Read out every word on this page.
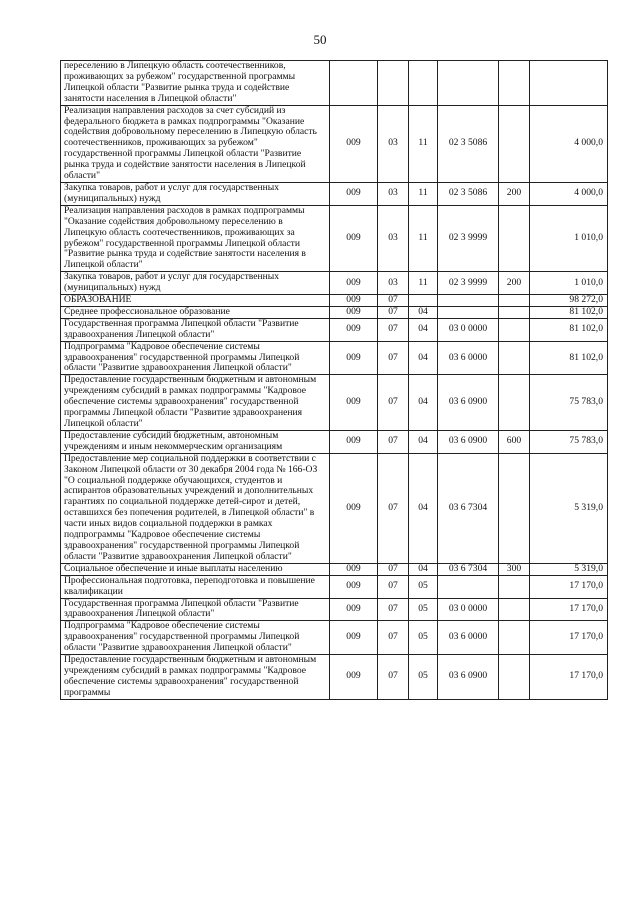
50
переселению в Липецкую область соотечественников, проживающих за рубежом" государственной программы Липецкой области "Развитие рынка труда и содействие занятости населения в Липецкой области"						
Реализация направления расходов за счет субсидий из федерального бюджета в рамках подпрограммы "Оказание содействия добровольному переселению в Липецкую область соотечественников, проживающих за рубежом" государственной программы Липецкой области "Развитие рынка труда и содействие занятости населения в Липецкой области"	009	03	11	02 3 5086		4 000,0
Закупка товаров, работ и услуг для государственных (муниципальных) нужд	009	03	11	02 3 5086	200	4 000,0
Реализация направления расходов в рамках подпрограммы "Оказание содействия добровольному переселению в Липецкую область соотечественников, проживающих за рубежом" государственной программы Липецкой области "Развитие рынка труда и содействие занятости населения в Липецкой области"	009	03	11	02 3 9999		1 010,0
Закупка товаров, работ и услуг для государственных (муниципальных) нужд	009	03	11	02 3 9999	200	1 010,0
ОБРАЗОВАНИЕ	009	07				98 272,0
Среднее профессиональное образование	009	07	04			81 102,0
Государственная программа Липецкой области "Развитие здравоохранения Липецкой области"	009	07	04	03 0 0000		81 102,0
Подпрограмма "Кадровое обеспечение системы здравоохранения" государственной программы Липецкой области "Развитие здравоохранения Липецкой области"	009	07	04	03 6 0000		81 102,0
Предоставление государственным бюджетным и автономным учреждениям субсидий в рамках подпрограммы "Кадровое обеспечение системы здравоохранения" государственной программы Липецкой области "Развитие здравоохранения Липецкой области"	009	07	04	03 6 0900		75 783,0
Предоставление субсидий бюджетным, автономным учреждениям и иным некоммерческим организациям	009	07	04	03 6 0900	600	75 783,0
Предоставление мер социальной поддержки в соответствии с Законом Липецкой области от 30 декабря 2004 года № 166-ОЗ "О социальной поддержке обучающихся, студентов и аспирантов образовательных учреждений и дополнительных гарантиях по социальной поддержке детей-сирот и детей, оставшихся без попечения родителей, в Липецкой области" в части иных видов социальной поддержки в рамках подпрограммы "Кадровое обеспечение системы здравоохранения" государственной программы Липецкой области "Развитие здравоохранения Липецкой области"	009	07	04	03 6 7304		5 319,0
Социальное обеспечение и иные выплаты населению	009	07	04	03 6 7304	300	5 319,0
Профессиональная подготовка, переподготовка и повышение квалификации	009	07	05			17 170,0
Государственная программа Липецкой области "Развитие здравоохранения Липецкой области"	009	07	05	03 0 0000		17 170,0
Подпрограмма "Кадровое обеспечение системы здравоохранения" государственной программы Липецкой области "Развитие здравоохранения Липецкой области"	009	07	05	03 6 0000		17 170,0
Предоставление государственным бюджетным и автономным учреждениям субсидий в рамках подпрограммы "Кадровое обеспечение системы здравоохранения" государственной программы	009	07	05	03 6 0900		17 170,0
